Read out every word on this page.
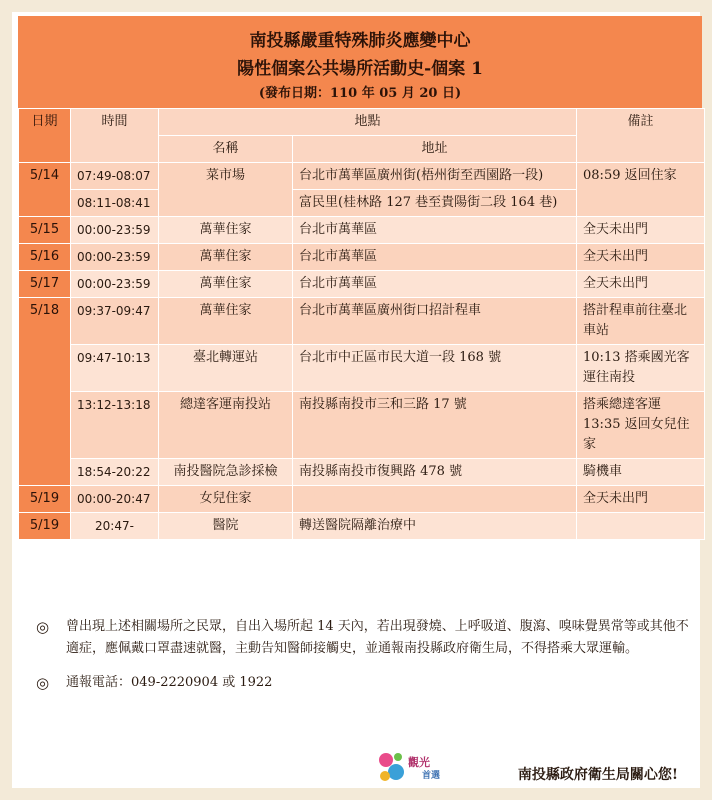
南投縣嚴重特殊肺炎應變中心
陽性個案公共場所活動史-個案 1
(發布日期：110 年 05 月 20 日)
日期	時間	地點		備註
		名稱	地址	
5/14	07:49-08:07	菜市場	台北市萬華區廣州街(梧州街至西園路一段)	08:59 返回住家
	08:11-08:41		富民里(桂林路 127 巷至貴陽街二段 164 巷)	
5/15	00:00-23:59	萬華住家	台北市萬華區	全天未出門
5/16	00:00-23:59	萬華住家	台北市萬華區	全天未出門
5/17	00:00-23:59	萬華住家	台北市萬華區	全天未出門
5/18	09:37-09:47	萬華住家	台北市萬華區廣州街口招計程車	搭計程車前往臺北車站
	09:47-10:13	臺北轉運站	台北市中正區市民大道一段 168 號	10:13 搭乘國光客運往南投
	13:12-13:18	總達客運南投站	南投縣南投市三和三路 17 號	搭乘總達客運 13:35 返回女兒住家
	18:54-20:22	南投醫院急診採檢	南投縣南投市復興路 478 號	騎機車
5/19	00:00-20:47	女兒住家		全天未出門
5/19	20:47-	醫院	轉送醫院隔離治療中	
◎ 曾出現上述相關場所之民眾，自出入場所起 14 天內，若出現發燒、上呼吸道、腹瀉、嗅味覺異常等或其他不適症，應佩戴口罩盡速就醫，主動告知醫師接觸史，並通報南投縣政府衛生局，不得搭乘大眾運輸。
◎ 通報電話：049-2220904 或 1922
觀光
首選	南投縣政府衛生局關心您!
